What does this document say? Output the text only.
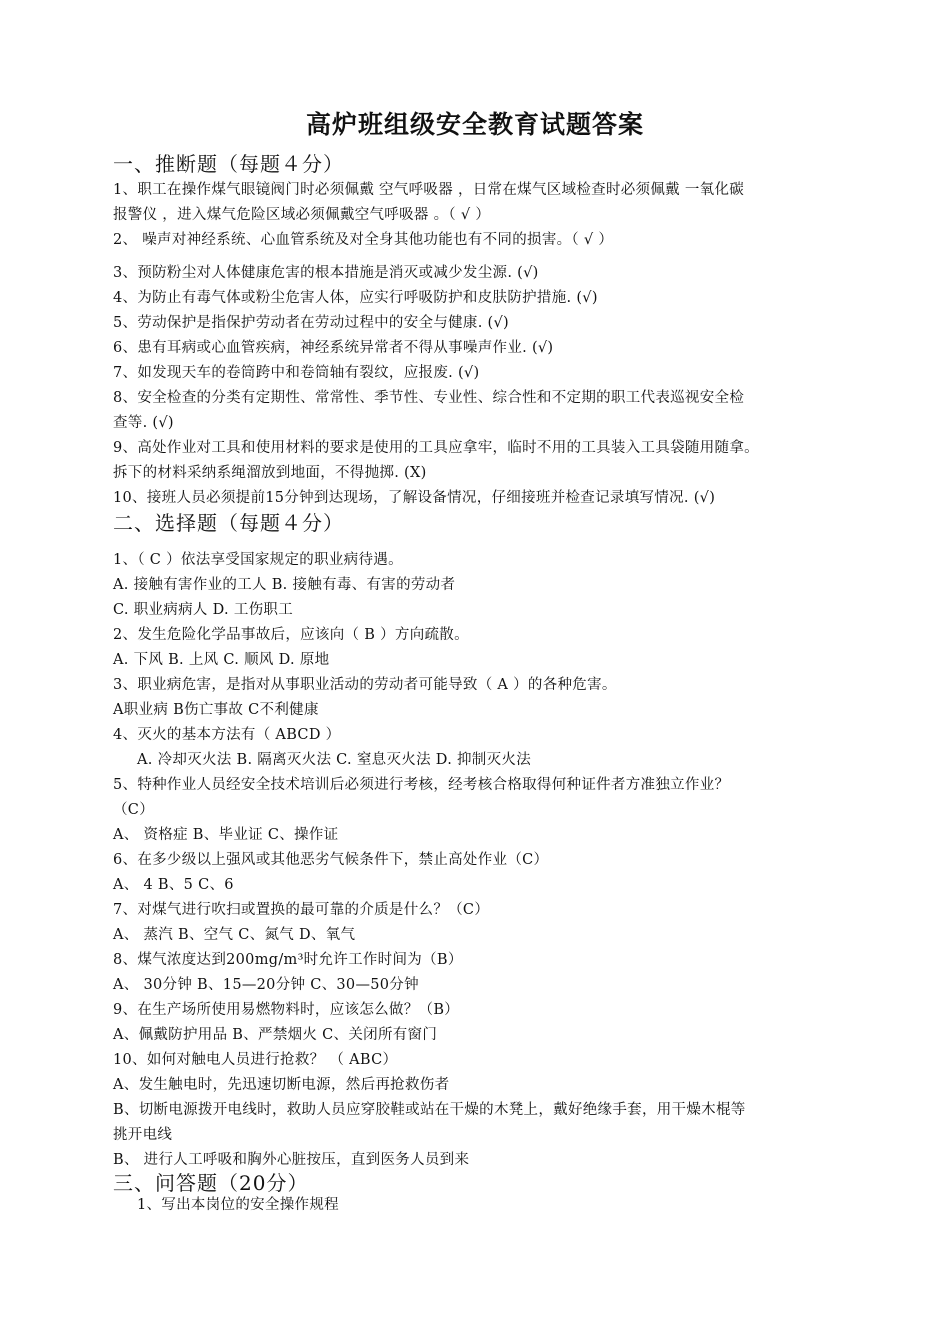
高炉班组级安全教育试题答案
一、推断题（每题４分）
1、职工在操作煤气眼镜阀门时必须佩戴 空气呼吸器 ，日常在煤气区域检查时必须佩戴 一氧化碳
报警仪 ，进入煤气危险区域必须佩戴空气呼吸器 。（ √ ）
2、 噪声对神经系统、心血管系统及对全身其他功能也有不同的损害。（ √ ）
3、预防粉尘对人体健康危害的根本措施是消灭或减少发尘源. (√)
4、为防止有毒气体或粉尘危害人体，应实行呼吸防护和皮肤防护措施. (√)
5、劳动保护是指保护劳动者在劳动过程中的安全与健康. (√)
6、患有耳病或心血管疾病，神经系统异常者不得从事噪声作业. (√)
7、如发现天车的卷筒跨中和卷筒轴有裂纹，应报废. (√)
8、安全检查的分类有定期性、常常性、季节性、专业性、综合性和不定期的职工代表巡视安全检
查等. (√)
9、高处作业对工具和使用材料的要求是使用的工具应拿牢，临时不用的工具装入工具袋随用随拿。
拆下的材料采纳系绳溜放到地面，不得抛掷. (X)
10、接班人员必须提前15分钟到达现场，了解设备情况，仔细接班并检查记录填写情况. (√)
二、选择题（每题４分）
1、（ C ）依法享受国家规定的职业病待遇。
A. 接触有害作业的工人 B. 接触有毒、有害的劳动者
C. 职业病病人 D. 工伤职工
2、发生危险化学品事故后，应该向（ B ）方向疏散。
A. 下风 B. 上风 C. 顺风 D. 原地
3、职业病危害，是指对从事职业活动的劳动者可能导致（ A ）的各种危害。
A职业病 B伤亡事故 C不利健康
4、灭火的基本方法有（ ABCD ）
A. 冷却灭火法 B. 隔离灭火法 C. 窒息灭火法 D. 抑制灭火法
5、特种作业人员经安全技术培训后必须进行考核，经考核合格取得何种证件者方准独立作业？
（C）
A、 资格症 B、毕业证 C、操作证
6、在多少级以上强风或其他恶劣气候条件下，禁止高处作业（C）
A、 4 B、5 C、6
7、对煤气进行吹扫或置换的最可靠的介质是什么？（C）
A、 蒸汽 B、空气 C、氮气 D、氧气
8、煤气浓度达到200mg/m³时允许工作时间为（B）
A、 30分钟 B、15—20分钟 C、30—50分钟
9、在生产场所使用易燃物料时，应该怎么做？（B）
A、佩戴防护用品 B、严禁烟火 C、关闭所有窗门
10、如何对触电人员进行抢救？ （ ABC）
A、发生触电时，先迅速切断电源，然后再抢救伤者
B、切断电源拨开电线时，救助人员应穿胶鞋或站在干燥的木凳上，戴好绝缘手套，用干燥木棍等
挑开电线
B、 进行人工呼吸和胸外心脏按压，直到医务人员到来
三、问答题（20分）
1、写出本岗位的安全操作规程
